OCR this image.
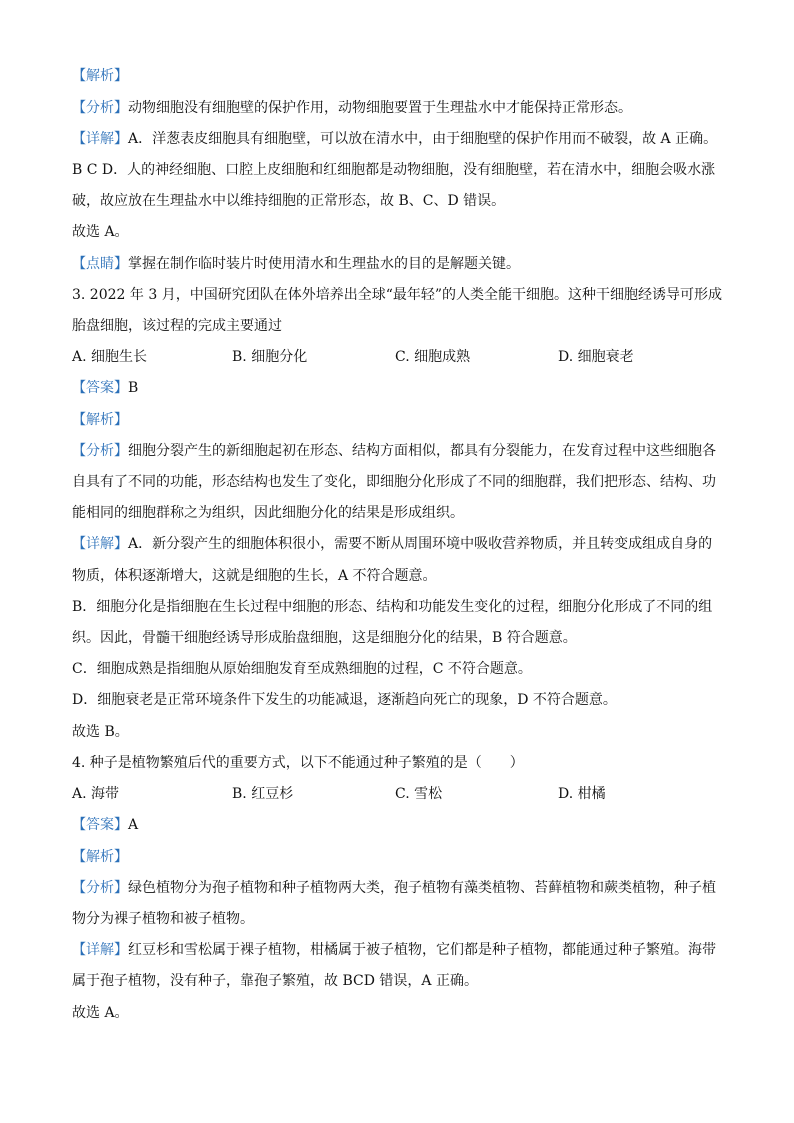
【解析】
【分析】动物细胞没有细胞壁的保护作用，动物细胞要置于生理盐水中才能保持正常形态。
【详解】A．洋葱表皮细胞具有细胞壁，可以放在清水中，由于细胞壁的保护作用而不破裂，故 A 正确。
B C D．人的神经细胞、口腔上皮细胞和红细胞都是动物细胞，没有细胞壁，若在清水中，细胞会吸水涨
破，故应放在生理盐水中以维持细胞的正常形态，故 B、C、D 错误。
故选 A。
【点睛】掌握在制作临时装片时使用清水和生理盐水的目的是解题关键。
3. 2022 年 3 月，中国研究团队在体外培养出全球“最年轻”的人类全能干细胞。这种干细胞经诱导可形成
胎盘细胞，该过程的完成主要通过
A. 细胞生长	B. 细胞分化	C. 细胞成熟	D. 细胞衰老
【答案】B
【解析】
【分析】细胞分裂产生的新细胞起初在形态、结构方面相似，都具有分裂能力，在发育过程中这些细胞各
自具有了不同的功能，形态结构也发生了变化，即细胞分化形成了不同的细胞群，我们把形态、结构、功
能相同的细胞群称之为组织，因此细胞分化的结果是形成组织。
【详解】A．新分裂产生的细胞体积很小，需要不断从周围环境中吸收营养物质，并且转变成组成自身的
物质，体积逐渐增大，这就是细胞的生长，A 不符合题意。
B．细胞分化是指细胞在生长过程中细胞的形态、结构和功能发生变化的过程，细胞分化形成了不同的组
织。因此，骨髓干细胞经诱导形成胎盘细胞，这是细胞分化的结果，B 符合题意。
C．细胞成熟是指细胞从原始细胞发育至成熟细胞的过程，C 不符合题意。
D．细胞衰老是正常环境条件下发生的功能减退，逐渐趋向死亡的现象，D 不符合题意。
故选 B。
4. 种子是植物繁殖后代的重要方式，以下不能通过种子繁殖的是（　　）
A. 海带	B. 红豆杉	C. 雪松	D. 柑橘
【答案】A
【解析】
【分析】绿色植物分为孢子植物和种子植物两大类，孢子植物有藻类植物、苔藓植物和蕨类植物，种子植
物分为裸子植物和被子植物。
【详解】红豆杉和雪松属于裸子植物，柑橘属于被子植物，它们都是种子植物，都能通过种子繁殖。海带
属于孢子植物，没有种子，靠孢子繁殖，故 BCD 错误，A 正确。
故选 A。
